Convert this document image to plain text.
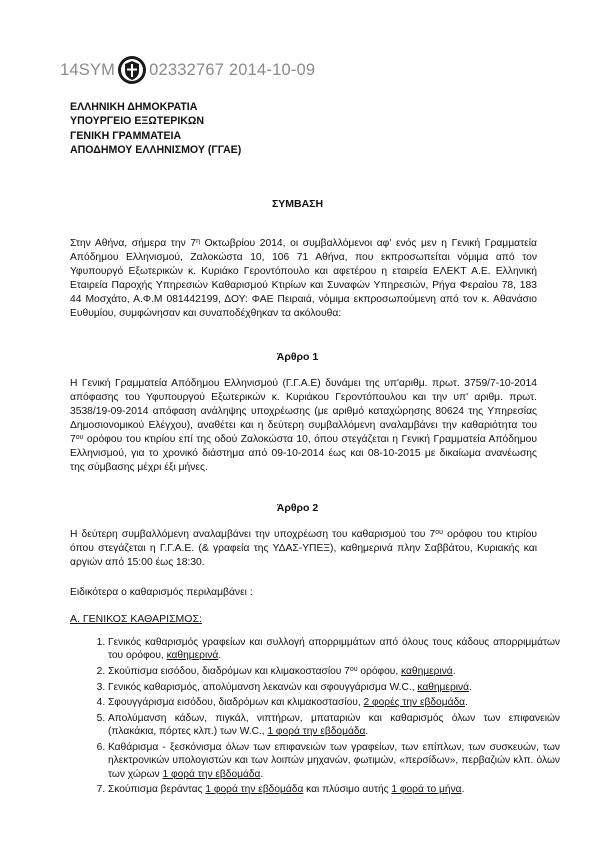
14SYM 02332767 2014-10-09
ΕΛΛΗΝΙΚΗ ΔΗΜΟΚΡΑΤΙΑ
ΥΠΟΥΡΓΕΙΟ ΕΞΩΤΕΡΙΚΩΝ
ΓΕΝΙΚΗ ΓΡΑΜΜΑΤΕΙΑ
ΑΠΟΔΗΜΟΥ ΕΛΛΗΝΙΣΜΟΥ (ΓΓΑΕ)
ΣΥΜΒΑΣΗ
Στην Αθήνα, σήμερα την $7^\eta$ Οκτωβρίου 2014, οι συμβαλλόμενοι αφ' ενός μεν η Γενική Γραμματεία Απόδημου Ελληνισμού, Ζαλοκώστα 10, 106 71 Αθήνα, που εκπροσωπείται νόμιμα από τον Υφυπουργό Εξωτερικών κ. Κυριάκο Γεροντόπουλο και αφετέρου η εταιρεία ΕΛΕΚΤ Α.Ε. Ελληνική Εταιρεία Παροχής Υπηρεσιών Καθαρισμού Κτιρίων και Συναφών Υπηρεσιών, Ρήγα Φεραίου 78, 183 44 Μοσχάτο, Α.Φ.Μ 081442199, ΔΟΥ: ΦΑΕ Πειραιά, νόμιμα εκπροσωπούμενη από τον κ. Αθανάσιο Ευθυμίου, συμφώνησαν και συναποδέχθηκαν τα ακόλουθα:
Άρθρο 1
Η Γενική Γραμματεία Απόδημου Ελληνισμού (Γ.Γ.Α.Ε) δυνάμει της υπ'αριθμ. πρωτ. 3759/7-10-2014 απόφασης του Υφυπουργού Εξωτερικών κ. Κυριάκου Γεροντόπουλου και την υπ' αριθμ. πρωτ. 3538/19-09-2014 απόφαση ανάληψης υποχρέωσης (με αριθμό καταχώρησης 80624 της Υπηρεσίας Δημοσιονομικού Ελέγχου), αναθέτει και η δεύτερη συμβαλλόμενη αναλαμβάνει την καθαριότητα του $7^{o\upsilon}$ ορόφου του κτιρίου επί της οδού Ζαλοκώστα 10, όπου στεγάζεται η Γενική Γραμματεία Απόδημου Ελληνισμού, για το χρονικό διάστημα από 09-10-2014 έως και 08-10-2015 με δικαίωμα ανανέωσης της σύμβασης μέχρι έξι μήνες.
Άρθρο 2
Η δεύτερη συμβαλλόμενη αναλαμβάνει την υποχρέωση του καθαρισμού του $7^{o\upsilon}$ ορόφου του κτιρίου όπου στεγάζεται η Γ.Γ.Α.Ε. (& γραφεία της ΥΔΑΣ-ΥΠΕΞ), καθημερινά πλην Σαββάτου, Κυριακής και αργιών από 15:00 έως 18:30.
Ειδικότερα ο καθαρισμός περιλαμβάνει :
Α. ΓΕΝΙΚΟΣ ΚΑΘΑΡΙΣΜΟΣ:
1. Γενικός καθαρισμός γραφείων και συλλογή απορριμμάτων από όλους τους κάδους απορριμμάτων του ορόφου, καθημερινά.
2. Σκούπισμα εισόδου, διαδρόμων και κλιμακοστασίου $7^{o\upsilon}$ ορόφου, καθημερινά.
3. Γενικός καθαρισμός, απολύμανση λεκανών και σφουγγάρισμα W.C., καθημερινά.
4. Σφουγγάρισμα εισόδου, διαδρόμων και κλιμακοστασίου, 2 φορές την εβδομάδα.
5. Απολύμανση κάδων, πιγκάλ, νιπτήρων, μπαταριών και καθαρισμός όλων των επιφανειών (πλακάκια, πόρτες κλπ.) των W.C., 1 φορά την εβδομάδα.
6. Καθάρισμα - ξεσκόνισμα όλων των επιφανειών των γραφείων, των επίπλων, των συσκευών, των ηλεκτρονικών υπολογιστών και των λοιπών μηχανών, φωτιμών, «περσίδων», περβαζιών κλπ. όλων των χώρων 1 φορά την εβδομάδα.
7. Σκούπισμα βεράντας 1 φορά την εβδομάδα και πλύσιμο αυτής 1 φορά το μήνα.
